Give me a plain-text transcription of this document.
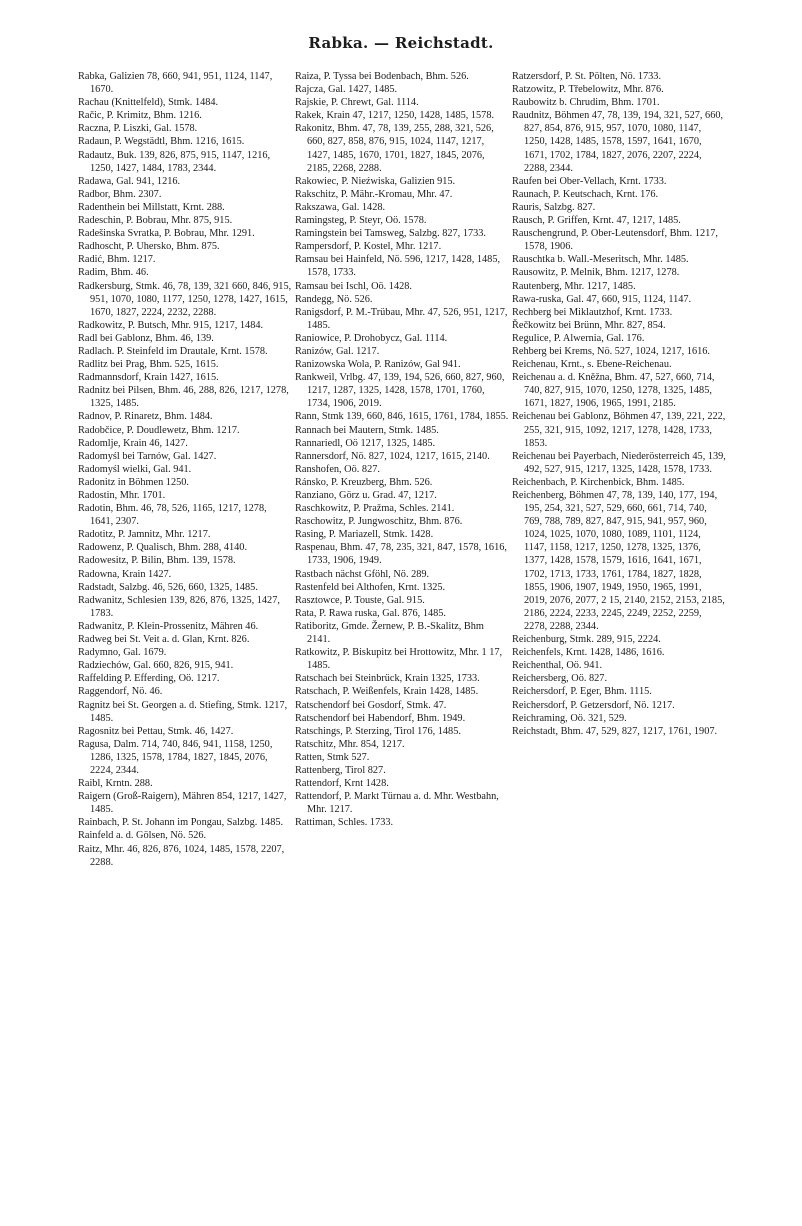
Rabka. — Reichstadt.

Rabka, Galizien 78, 660, 941, 951, 1124, 1147, 1670.

Rachau (Knittelfeld), Stmk. 1484.

Račic, P. Krimitz, Bhm. 1216.

Raczna, P. Liszki, Gal. 1578.

Radaun, P. Wegstädtl, Bhm. 1216, 1615.

Radautz, Buk. 139, 826, 875, 915, 1147, 1216, 1250, 1427, 1484, 1783, 2344.

Radawa, Gal. 941, 1216.

Radbor, Bhm. 2307.

Radenthein bei Millstatt, Krnt. 288.

Radeschin, P. Bobrau, Mhr. 875, 915.

Radešinska Svratka, P. Bobrau, Mhr. 1291.

Radhoscht, P. Uhersko, Bhm. 875.

Radić, Bhm. 1217.

Radim, Bhm. 46.

Radkersburg, Stmk. 46, 78, 139, 321 660, 846, 915, 951, 1070, 1080, 1177, 1250, 1278, 1427, 1615, 1670, 1827, 2224, 2232, 2288.

Radkowitz, P. Butsch, Mhr. 915, 1217, 1484.

Radl bei Gablonz, Bhm. 46, 139.

Radlach. P. Steinfeld im Drautale, Krnt. 1578.

Radlitz bei Prag, Bhm. 525, 1615.

Radmannsdorf, Krain 1427, 1615.

Radnitz bei Pilsen, Bhm. 46, 288, 826, 1217, 1278, 1325, 1485.

Radnov, P. Rinaretz, Bhm. 1484.

Radobčice, P. Doudlewetz, Bhm. 1217.

Radomlje, Krain 46, 1427.

Radomyśl bei Tarnów, Gal. 1427.

Radomyśl wielki, Gal. 941.

Radonitz in Böhmen 1250.

Radostin, Mhr. 1701.

Radotin, Bhm. 46, 78, 526, 1165, 1217, 1278, 1641, 2307.

Radotitz, P. Jamnitz, Mhr. 1217.

Radowenz, P. Qualisch, Bhm. 288, 4140.

Radowesitz, P. Bilin, Bhm. 139, 1578.

Radowna, Krain 1427.

Radstadt, Salzbg. 46, 526, 660, 1325, 1485.

Radwanitz, Schlesien 139, 826, 876, 1325, 1427, 1783.

Radwanitz, P. Klein-Prossenitz, Mähren 46.

Radweg bei St. Veit a. d. Glan, Krnt. 826.

Radymno, Gal. 1679.

Radziechów, Gal. 660, 826, 915, 941.

Raffelding P. Efferding, Oö. 1217.

Raggendorf, Nö. 46.

Ragnitz bei St. Georgen a. d. Stiefing, Stmk. 1217, 1485.

Ragosnitz bei Pettau, Stmk. 46, 1427.

Ragusa, Dalm. 714, 740, 846, 941, 1158, 1250, 1286, 1325, 1578, 1784, 1827, 1845, 2076, 2224, 2344.

Raibl, Krntn. 288.

Raigern (Groß-Raigern), Mähren 854, 1217, 1427, 1485.

Rainbach, P. St. Johann im Pongau, Salzbg. 1485.

Rainfeld a. d. Gölsen, Nö. 526.

Raitz, Mhr. 46, 826, 876, 1024, 1485, 1578, 2207, 2288.

Raiza, P. Tyssa bei Bodenbach, Bhm. 526.

Rajcza, Gal. 1427, 1485.

Rajskie, P. Chrewt, Gal. 1114.

Rakek, Krain 47, 1217, 1250, 1428, 1485, 1578.

Rakonitz, Bhm. 47, 78, 139, 255, 288, 321, 526, 660, 827, 858, 876, 915, 1024, 1147, 1217, 1427, 1485, 1670, 1701, 1827, 1845, 2076, 2185, 2268, 2288.

Rakowiec, P. Nieźwiska, Galizien 915.

Rakschitz, P. Mähr.-Kromau, Mhr. 47.

Rakszawa, Gal. 1428.

Ramingsteg, P. Steyr, Oö. 1578.

Ramingstein bei Tamsweg, Salzbg. 827, 1733.

Rampersdorf, P. Kostel, Mhr. 1217.

Ramsau bei Hainfeld, Nö. 596, 1217, 1428, 1485, 1578, 1733.

Ramsau bei Ischl, Oö. 1428.

Randegg, Nö. 526.

Ranigsdorf, P. M.-Trübau, Mhr. 47, 526, 951, 1217, 1485.

Raniowice, P. Drohobycz, Gal. 1114.

Ranizów, Gal. 1217.

Ranizowska Wola, P. Ranizów, Gal 941.

Rankweil, Vrlbg. 47, 139, 194, 526, 660, 827, 960, 1217, 1287, 1325, 1428, 1578, 1701, 1760, 1734, 1906, 2019.

Rann, Stmk 139, 660, 846, 1615, 1761, 1784, 1855.

Rannach bei Mautern, Stmk. 1485.

Rannariedl, Oö 1217, 1325, 1485.

Rannersdorf, Nö. 827, 1024, 1217, 1615, 2140.

Ranshofen, Oö. 827.

Ránsko, P. Kreuzberg, Bhm. 526.

Ranziano, Görz u. Grad. 47, 1217.

Raschkowitz, P. Pražma, Schles. 2141.

Raschowitz, P. Jungwoschitz, Bhm. 876.

Rasing, P. Mariazell, Stmk. 1428.

Raspenau, Bhm. 47, 78, 235, 321, 847, 1578, 1616, 1733, 1906, 1949.

Rastbach nächst Gföhl, Nö. 289.

Rastenfeld bei Althofen, Krnt. 1325.

Rasztowce, P. Touste, Gal. 915.

Rata, P. Rawa ruska, Gal. 876, 1485.

Ratiboritz, Gmde. Žernew, P. B.-Skalitz, Bhm 2141.

Ratkowitz, P. Biskupitz bei Hrottowitz, Mhr. 1 17, 1485.

Ratschach bei Steinbrück, Krain 1325, 1733.

Ratschach, P. Weißenfels, Krain 1428, 1485.

Ratschendorf bei Gosdorf, Stmk. 47.

Ratschendorf bei Habendorf, Bhm. 1949.

Ratschings, P. Sterzing, Tirol 176, 1485.

Ratschitz, Mhr. 854, 1217.

Ratten, Stmk 527.

Rattenberg, Tirol 827.

Rattendorf, Krnt 1428.

Rattendorf, P. Markt Türnau a. d. Mhr. Westbahn, Mhr. 1217.

Rattiman, Schles. 1733.

Ratzersdorf, P. St. Pölten, Nö. 1733.

Ratzowitz, P. Třebelowitz, Mhr. 876.

Raubowitz b. Chrudim, Bhm. 1701.

Raudnitz, Böhmen 47, 78, 139, 194, 321, 527, 660, 827, 854, 876, 915, 957, 1070, 1080, 1147, 1250, 1428, 1485, 1578, 1597, 1641, 1670, 1671, 1702, 1784, 1827, 2076, 2207, 2224, 2288, 2344.

Raufen bei Ober-Vellach, Krnt. 1733.

Raunach, P. Keutschach, Krnt. 176.

Rauris, Salzbg. 827.

Rausch, P. Griffen, Krnt. 47, 1217, 1485.

Rauschengrund, P. Ober-Leutensdorf, Bhm. 1217, 1578, 1906.

Rauschtka b. Wall.-Meseritsch, Mhr. 1485.

Rausowitz, P. Melnik, Bhm. 1217, 1278.

Rautenberg, Mhr. 1217, 1485.

Rawa-ruska, Gal. 47, 660, 915, 1124, 1147.

Rechberg bei Miklautzhof, Krnt. 1733.

Řečkowitz bei Brünn, Mhr. 827, 854.

Regulice, P. Alwernia, Gal. 176.

Rehberg bei Krems, Nö. 527, 1024, 1217, 1616.

Reichenau, Krnt., s. Ebene-Reichenau.

Reichenau a. d. Kněžna, Bhm. 47, 527, 660, 714, 740, 827, 915, 1070, 1250, 1278, 1325, 1485, 1671, 1827, 1906, 1965, 1991, 2185.

Reichenau bei Gablonz, Böhmen 47, 139, 221, 222, 255, 321, 915, 1092, 1217, 1278, 1428, 1733, 1853.

Reichenau bei Payerbach, Niederösterreich 45, 139, 492, 527, 915, 1217, 1325, 1428, 1578, 1733.

Reichenbach, P. Kirchenbick, Bhm. 1485.

Reichenberg, Böhmen 47, 78, 139, 140, 177, 194, 195, 254, 321, 527, 529, 660, 661, 714, 740, 769, 788, 789, 827, 847, 915, 941, 957, 960, 1024, 1025, 1070, 1080, 1089, 1101, 1124, 1147, 1158, 1217, 1250, 1278, 1325, 1376, 1377, 1428, 1578, 1579, 1616, 1641, 1671, 1702, 1713, 1733, 1761, 1784, 1827, 1828, 1855, 1906, 1907, 1949, 1950, 1965, 1991, 2019, 2076, 2077, 2 15, 2140, 2152, 2153, 2185, 2186, 2224, 2233, 2245, 2249, 2252, 2259, 2278, 2288, 2344.

Reichenburg, Stmk. 289, 915, 2224.

Reichenfels, Krnt. 1428, 1486, 1616.

Reichenthal, Oö. 941.

Reichersberg, Oö. 827.

Reichersdorf, P. Eger, Bhm. 1115.

Reichersdorf, P. Getzersdorf, Nö. 1217.

Reichraming, Oö. 321, 529.

Reichstadt, Bhm. 47, 529, 827, 1217, 1761, 1907.
